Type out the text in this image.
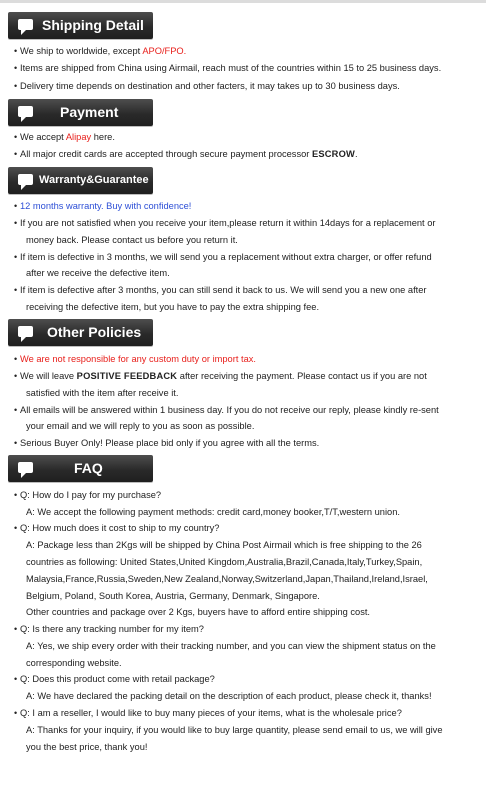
Shipping Detail
• We ship to worldwide, except APO/FPO.
• Items are shipped from China using Airmail, reach must of the countries within 15 to 25 business days.
• Delivery time depends on destination and other facters, it may takes up to 30 business days.
Payment
• We accept Alipay here.
• All major credit cards are accepted through secure payment processor ESCROW.
Warranty&Guarantee
• 12 months warranty. Buy with confidence!
• If you are not satisfied when you receive your item,please return it within 14days for a replacement or
money back. Please contact us before you return it.
• If item is defective in 3 months, we will send you a replacement without extra charger, or offer refund
after we receive the defective item.
• If item is defective after 3 months, you can still send it back to us. We will send you a new one after
receiving the defective item, but you have to pay the extra shipping fee.
Other Policies
• We are not responsible for any custom duty or import tax.
• We will leave POSITIVE FEEDBACK after receiving the payment. Please contact us if you are not
satisfied with the item after receive it.
• All emails will be answered within 1 business day. If you do not receive our reply, please kindly re-sent
your email and we will reply to you as soon as possible.
• Serious Buyer Only! Please place bid only if you agree with all the terms.
FAQ
• Q: How do I pay for my purchase?
A: We accept the following payment methods: credit card,money booker,T/T,western union.
• Q: How much does it cost to ship to my country?
A: Package less than 2Kgs will be shipped by China Post Airmail which is free shipping to the 26
countries as following: United States,United Kingdom,Australia,Brazil,Canada,Italy,Turkey,Spain,
Malaysia,France,Russia,Sweden,New Zealand,Norway,Switzerland,Japan,Thailand,Ireland,Israel,
Belgium, Poland, South Korea, Austria, Germany, Denmark, Singapore.
Other countries and package over 2 Kgs, buyers have to afford entire shipping cost.
• Q: Is there any tracking number for my item?
A: Yes, we ship every order with their tracking number, and you can view the shipment status on the
corresponding website.
• Q: Does this product come with retail package?
A: We have declared the packing detail on the description of each product, please check it, thanks!
• Q: I am a reseller, I would like to buy many pieces of your items, what is the wholesale price?
A: Thanks for your inquiry, if you would like to buy large quantity, please send email to us, we will give
you the best price, thank you!
